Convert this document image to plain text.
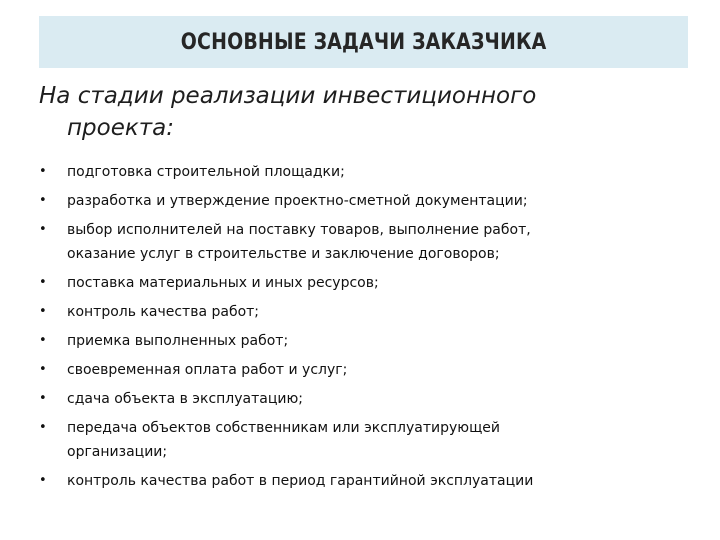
ОСНОВНЫЕ ЗАДАЧИ ЗАКАЗЧИКА
На стадии реализации инвестиционного
проекта:
•	подготовка строительной площадки;
•	разработка и утверждение проектно-сметной документации;
•	выбор исполнителей на поставку товаров, выполнение работ,
оказание услуг в строительстве и заключение договоров;
•	поставка материальных и иных ресурсов;
•	контроль качества работ;
•	приемка выполненных работ;
•	своевременная оплата работ и услуг;
•	сдача объекта в эксплуатацию;
•	передача объектов собственникам или эксплуатирующей
организации;
•	контроль качества работ в период гарантийной эксплуатации
